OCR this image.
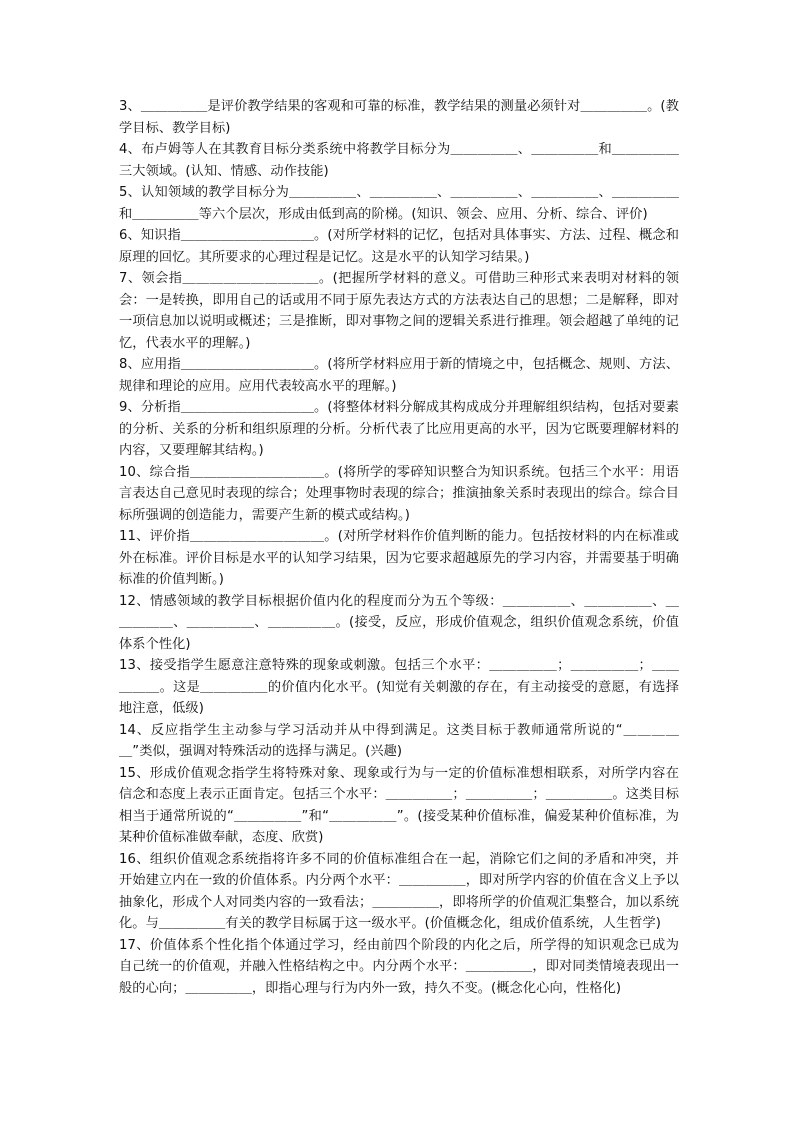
3、＿＿＿＿＿是评价教学结果的客观和可靠的标准，教学结果的测量必须针对＿＿＿＿＿。(教学目标、教学目标)

4、布卢姆等人在其教育目标分类系统中将教学目标分为＿＿＿＿＿、＿＿＿＿＿和＿＿＿＿＿三大领域。(认知、情感、动作技能)

5、认知领域的教学目标分为＿＿＿＿＿、＿＿＿＿＿、＿＿＿＿＿、＿＿＿＿＿、＿＿＿＿＿和＿＿＿＿＿等六个层次，形成由低到高的阶梯。(知识、领会、应用、分析、综合、评价)

6、知识指＿＿＿＿＿＿＿＿＿＿。(对所学材料的记忆，包括对具体事实、方法、过程、概念和原理的回忆。其所要求的心理过程是记忆。这是水平的认知学习结果。)

7、领会指＿＿＿＿＿＿＿＿＿＿。(把握所学材料的意义。可借助三种形式来表明对材料的领会：一是转换，即用自己的话或用不同于原先表达方式的方法表达自己的思想；二是解释，即对一项信息加以说明或概述；三是推断，即对事物之间的逻辑关系进行推理。领会超越了单纯的记忆，代表水平的理解。)

8、应用指＿＿＿＿＿＿＿＿＿＿。(将所学材料应用于新的情境之中，包括概念、规则、方法、规律和理论的应用。应用代表较高水平的理解。)

9、分析指＿＿＿＿＿＿＿＿＿＿。(将整体材料分解成其构成成分并理解组织结构，包括对要素的分析、关系的分析和组织原理的分析。分析代表了比应用更高的水平，因为它既要理解材料的内容，又要理解其结构。)

10、综合指＿＿＿＿＿＿＿＿＿＿。(将所学的零碎知识整合为知识系统。包括三个水平：用语言表达自己意见时表现的综合；处理事物时表现的综合；推演抽象关系时表现出的综合。综合目标所强调的创造能力，需要产生新的模式或结构。)

11、评价指＿＿＿＿＿＿＿＿＿＿。(对所学材料作价值判断的能力。包括按材料的内在标准或外在标准。评价目标是水平的认知学习结果，因为它要求超越原先的学习内容，并需要基于明确标准的价值判断。)

12、情感领域的教学目标根据价值内化的程度而分为五个等级：＿＿＿＿＿、＿＿＿＿＿、＿＿＿＿＿、＿＿＿＿＿、＿＿＿＿＿。(接受，反应，形成价值观念，组织价值观念系统，价值体系个性化)

13、接受指学生愿意注意特殊的现象或刺激。包括三个水平：＿＿＿＿＿；＿＿＿＿＿；＿＿＿＿＿。这是＿＿＿＿＿的价值内化水平。(知觉有关刺激的存在，有主动接受的意愿，有选择地注意，低级)

14、反应指学生主动参与学习活动并从中得到满足。这类目标于教师通常所说的“＿＿＿＿＿”类似，强调对特殊活动的选择与满足。(兴趣)

15、形成价值观念指学生将特殊对象、现象或行为与一定的价值标准想相联系，对所学内容在信念和态度上表示正面肯定。包括三个水平：＿＿＿＿＿；＿＿＿＿＿；＿＿＿＿＿。这类目标相当于通常所说的“＿＿＿＿＿”和“＿＿＿＿＿”。(接受某种价值标准，偏爱某种价值标准，为某种价值标准做奉献，态度、欣赏)

16、组织价值观念系统指将许多不同的价值标准组合在一起，消除它们之间的矛盾和冲突，并开始建立内在一致的价值体系。内分两个水平：＿＿＿＿＿，即对所学内容的价值在含义上予以抽象化，形成个人对同类内容的一致看法；＿＿＿＿＿，即将所学的价值观汇集整合，加以系统化。与＿＿＿＿＿有关的教学目标属于这一级水平。(价值概念化，组成价值系统，人生哲学)

17、价值体系个性化指个体通过学习，经由前四个阶段的内化之后，所学得的知识观念已成为自己统一的价值观，并融入性格结构之中。内分两个水平：＿＿＿＿＿，即对同类情境表现出一般的心向；＿＿＿＿＿，即指心理与行为内外一致，持久不变。(概念化心向，性格化)
